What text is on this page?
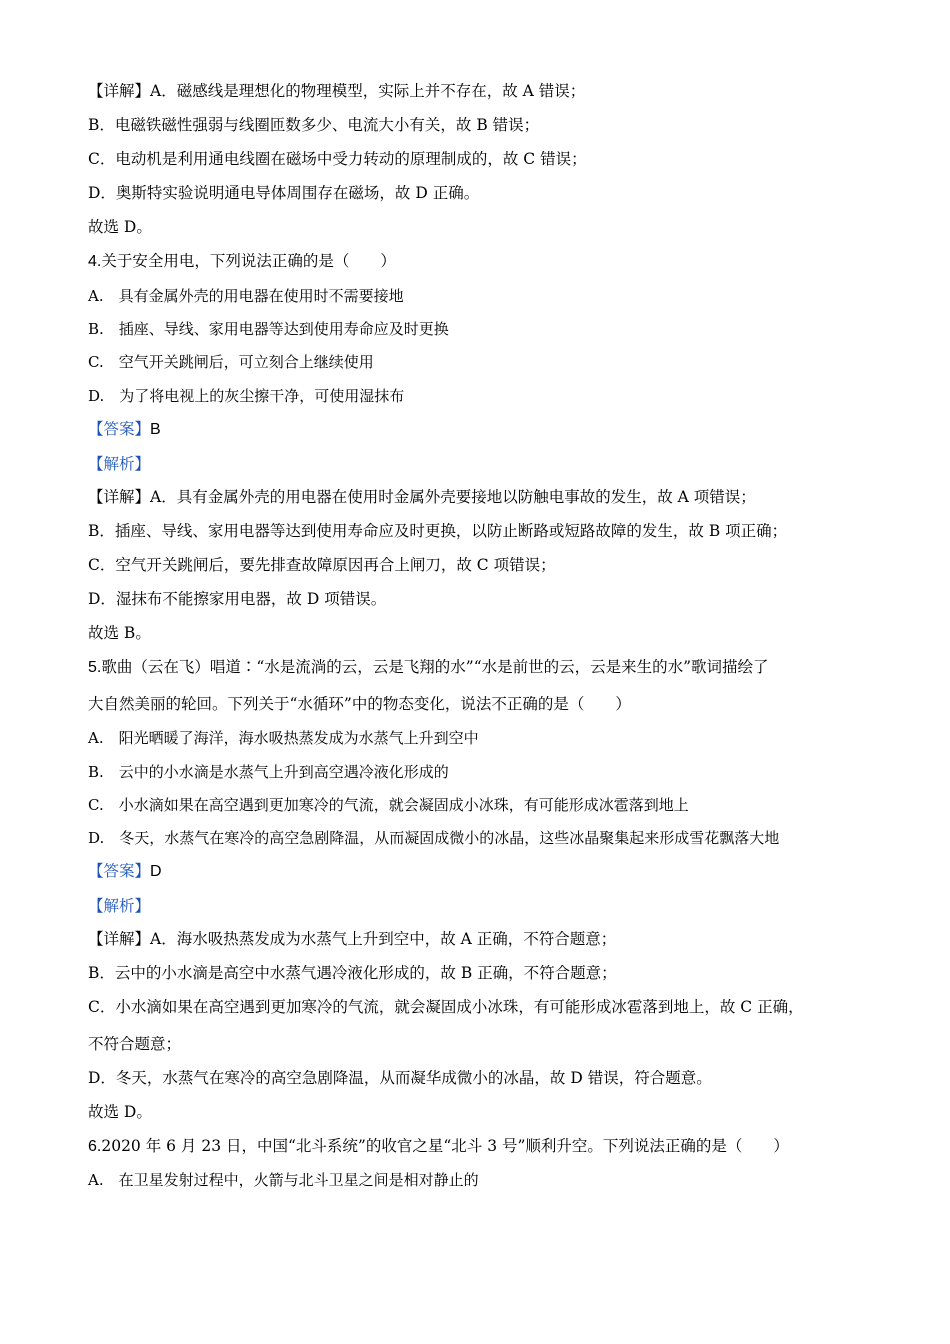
【详解】A．磁感线是理想化的物理模型，实际上并不存在，故 A 错误；
B．电磁铁磁性强弱与线圈匝数多少、电流大小有关，故 B 错误；
C．电动机是利用通电线圈在磁场中受力转动的原理制成的，故 C 错误；
D．奥斯特实验说明通电导体周围存在磁场，故 D 正确。
故选 D。
4.关于安全用电，下列说法正确的是（　　）
A.　具有金属外壳的用电器在使用时不需要接地
B.　插座、导线、家用电器等达到使用寿命应及时更换
C.　空气开关跳闸后，可立刻合上继续使用
D.　为了将电视上的灰尘擦干净，可使用湿抹布
【答案】B
【解析】
【详解】A．具有金属外壳的用电器在使用时金属外壳要接地以防触电事故的发生，故 A 项错误；
B．插座、导线、家用电器等达到使用寿命应及时更换，以防止断路或短路故障的发生，故 B 项正确；
C．空气开关跳闸后，要先排查故障原因再合上闸刀，故 C 项错误；
D．湿抹布不能擦家用电器，故 D 项错误。
故选 B。
5.歌曲（云在飞）唱道∶“水是流淌的云，云是飞翔的水”“水是前世的云，云是来生的水”歌词描绘了
大自然美丽的轮回。下列关于“水循环”中的物态变化，说法不正确的是（　　）
A.　阳光晒暖了海洋，海水吸热蒸发成为水蒸气上升到空中
B.　云中的小水滴是水蒸气上升到高空遇冷液化形成的
C.　小水滴如果在高空遇到更加寒冷的气流，就会凝固成小冰珠，有可能形成冰雹落到地上
D.　冬天，水蒸气在寒冷的高空急剧降温，从而凝固成微小的冰晶，这些冰晶聚集起来形成雪花飘落大地
【答案】D
【解析】
【详解】A．海水吸热蒸发成为水蒸气上升到空中，故 A 正确，不符合题意；
B．云中的小水滴是高空中水蒸气遇冷液化形成的，故 B 正确，不符合题意；
C．小水滴如果在高空遇到更加寒冷的气流，就会凝固成小冰珠，有可能形成冰雹落到地上，故 C 正确，
不符合题意；
D．冬天，水蒸气在寒冷的高空急剧降温，从而凝华成微小的冰晶，故 D 错误，符合题意。
故选 D。
6.2020 年 6 月 23 日，中国“北斗系统”的收官之星“北斗 3 号”顺利升空。下列说法正确的是（　　）
A.　在卫星发射过程中，火箭与北斗卫星之间是相对静止的
